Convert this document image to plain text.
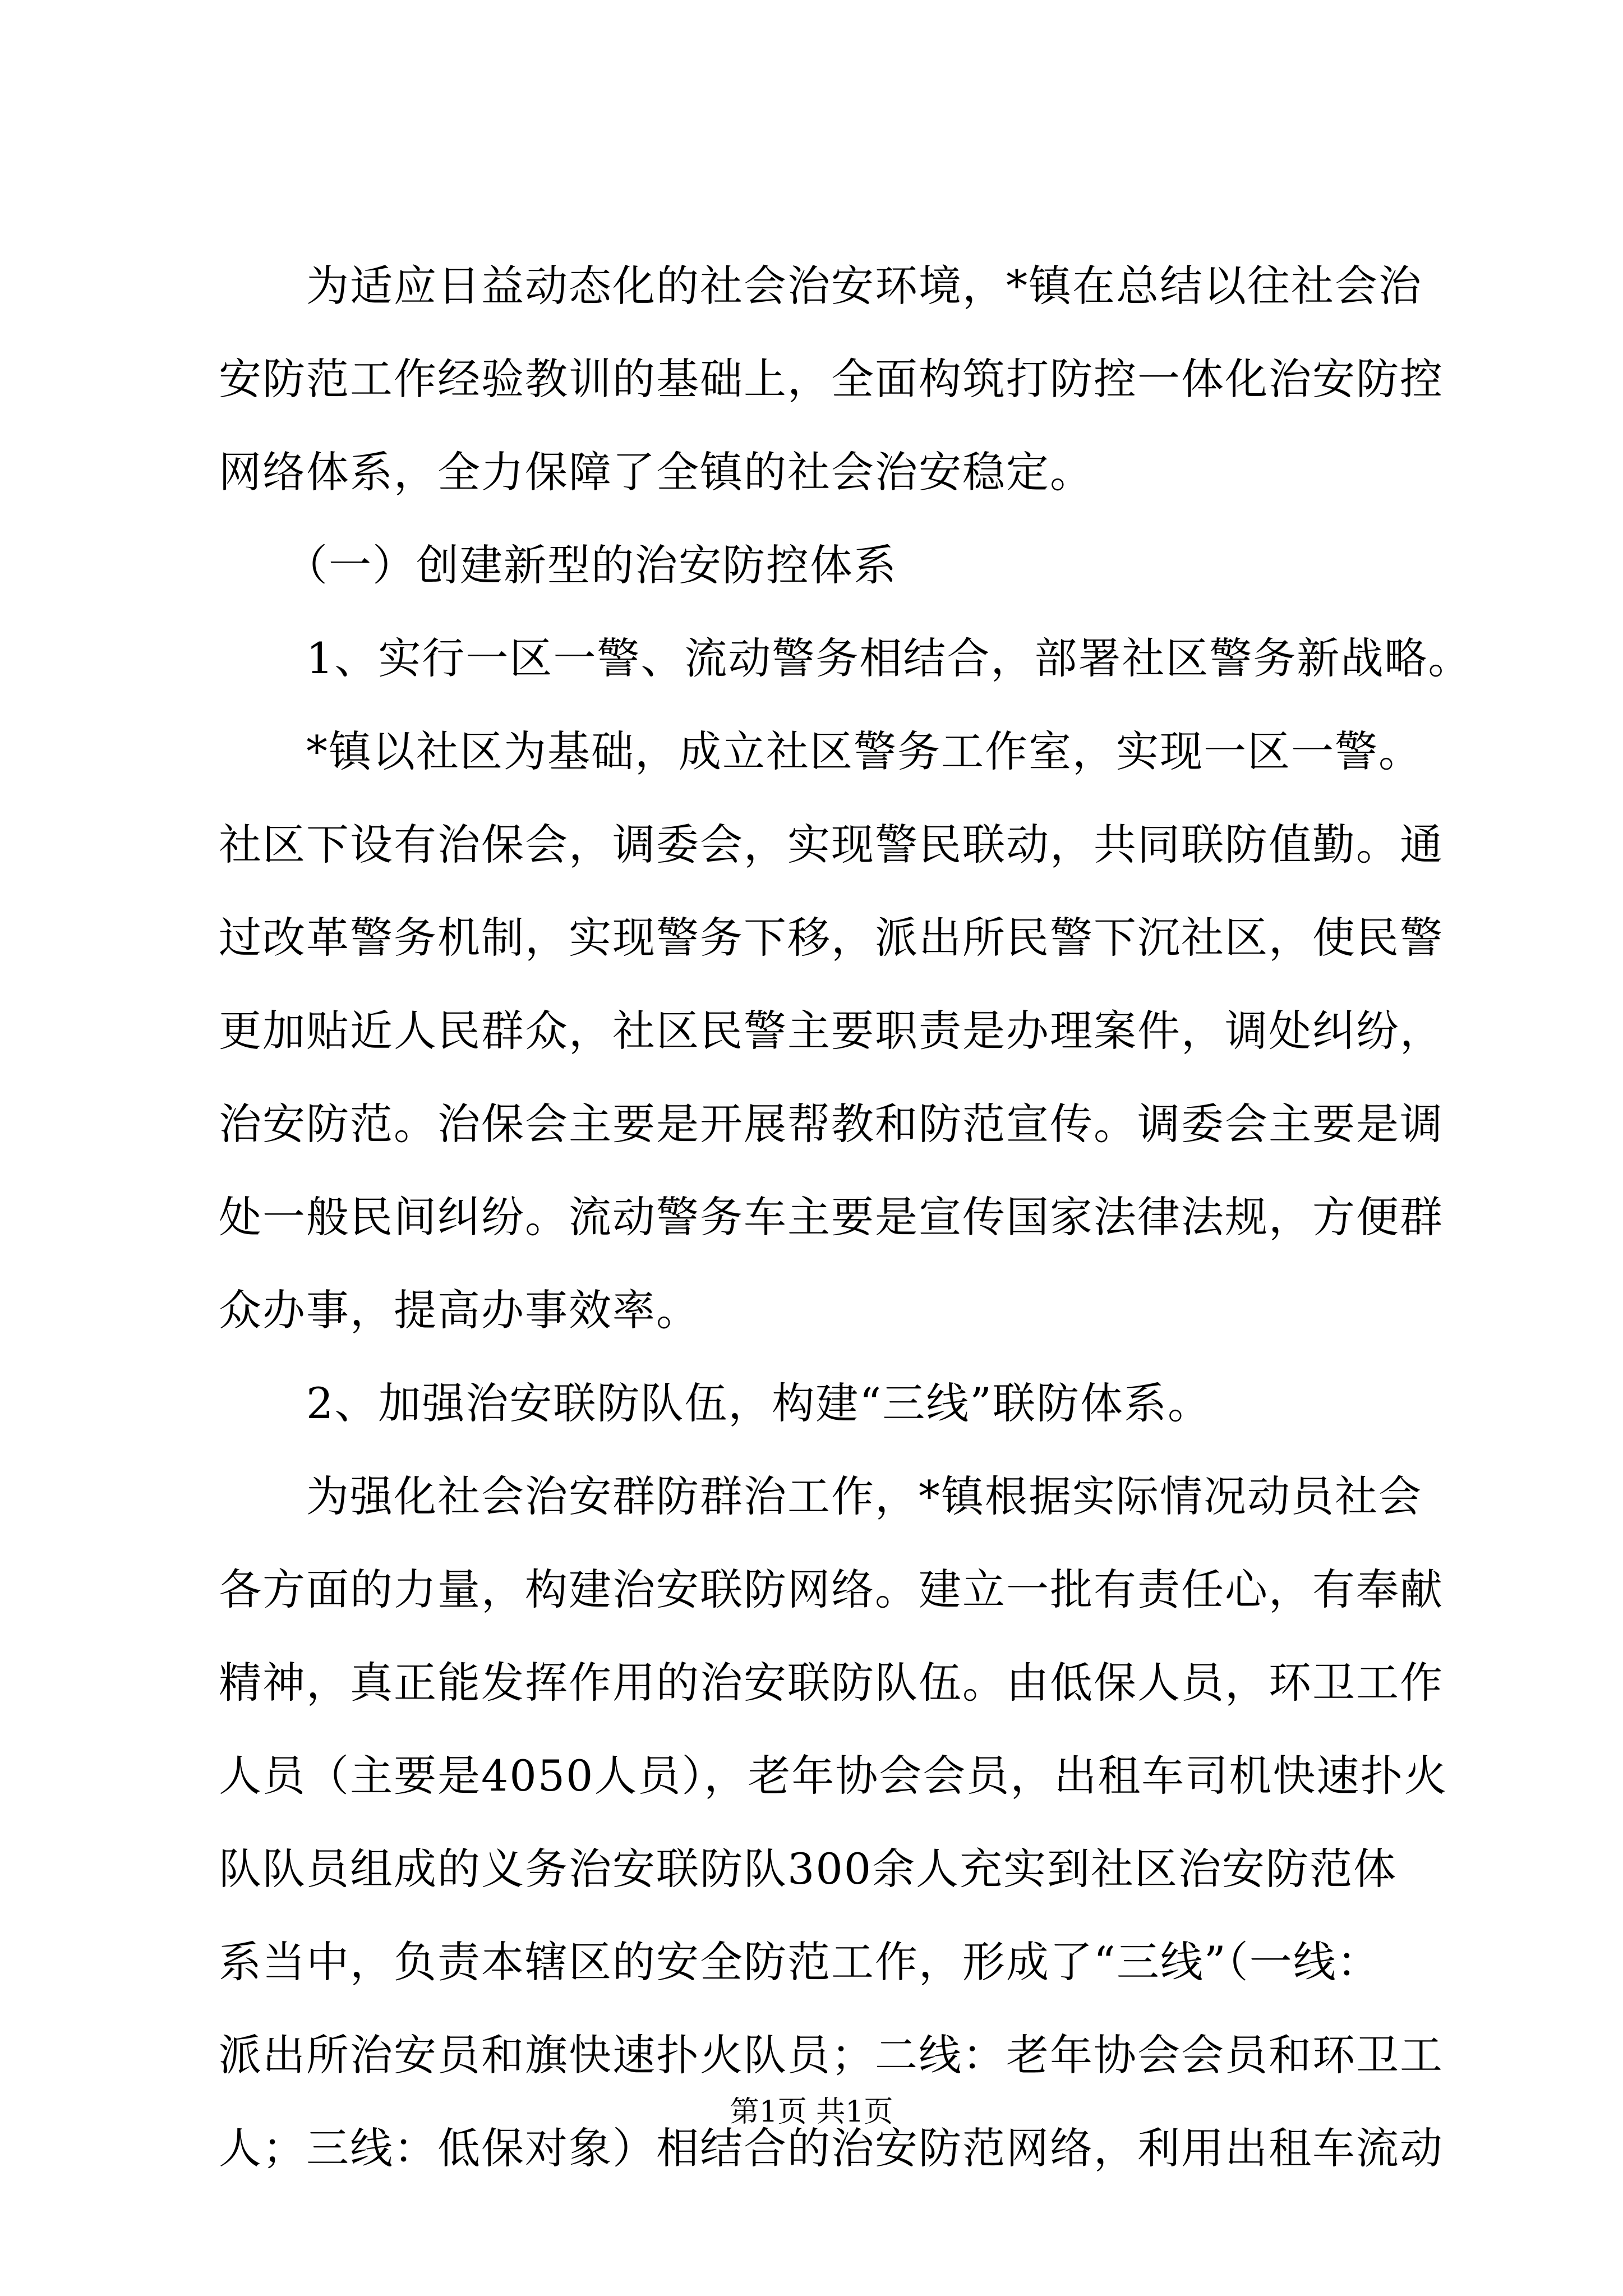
　　为适应日益动态化的社会治安环境，*镇在总结以往社会治
安防范工作经验教训的基础上，全面构筑打防控一体化治安防控
网络体系，全力保障了全镇的社会治安稳定。
　　（一）创建新型的治安防控体系
　　1、实行一区一警、流动警务相结合，部署社区警务新战略。
　　*镇以社区为基础，成立社区警务工作室，实现一区一警。
社区下设有治保会，调委会，实现警民联动，共同联防值勤。通
过改革警务机制，实现警务下移，派出所民警下沉社区，使民警
更加贴近人民群众，社区民警主要职责是办理案件，调处纠纷，
治安防范。治保会主要是开展帮教和防范宣传。调委会主要是调
处一般民间纠纷。流动警务车主要是宣传国家法律法规，方便群
众办事，提高办事效率。
　　2、加强治安联防队伍，构建“三线”联防体系。
　　为强化社会治安群防群治工作，*镇根据实际情况动员社会
各方面的力量，构建治安联防网络。建立一批有责任心，有奉献
精神，真正能发挥作用的治安联防队伍。由低保人员，环卫工作
人员（主要是4050人员），老年协会会员，出租车司机快速扑火
队队员组成的义务治安联防队300余人充实到社区治安防范体
系当中，负责本辖区的安全防范工作，形成了“三线”（一线：
派出所治安员和旗快速扑火队员；二线：老年协会会员和环卫工
人；三线：低保对象）相结合的治安防范网络，利用出租车流动
第1页 共1页
